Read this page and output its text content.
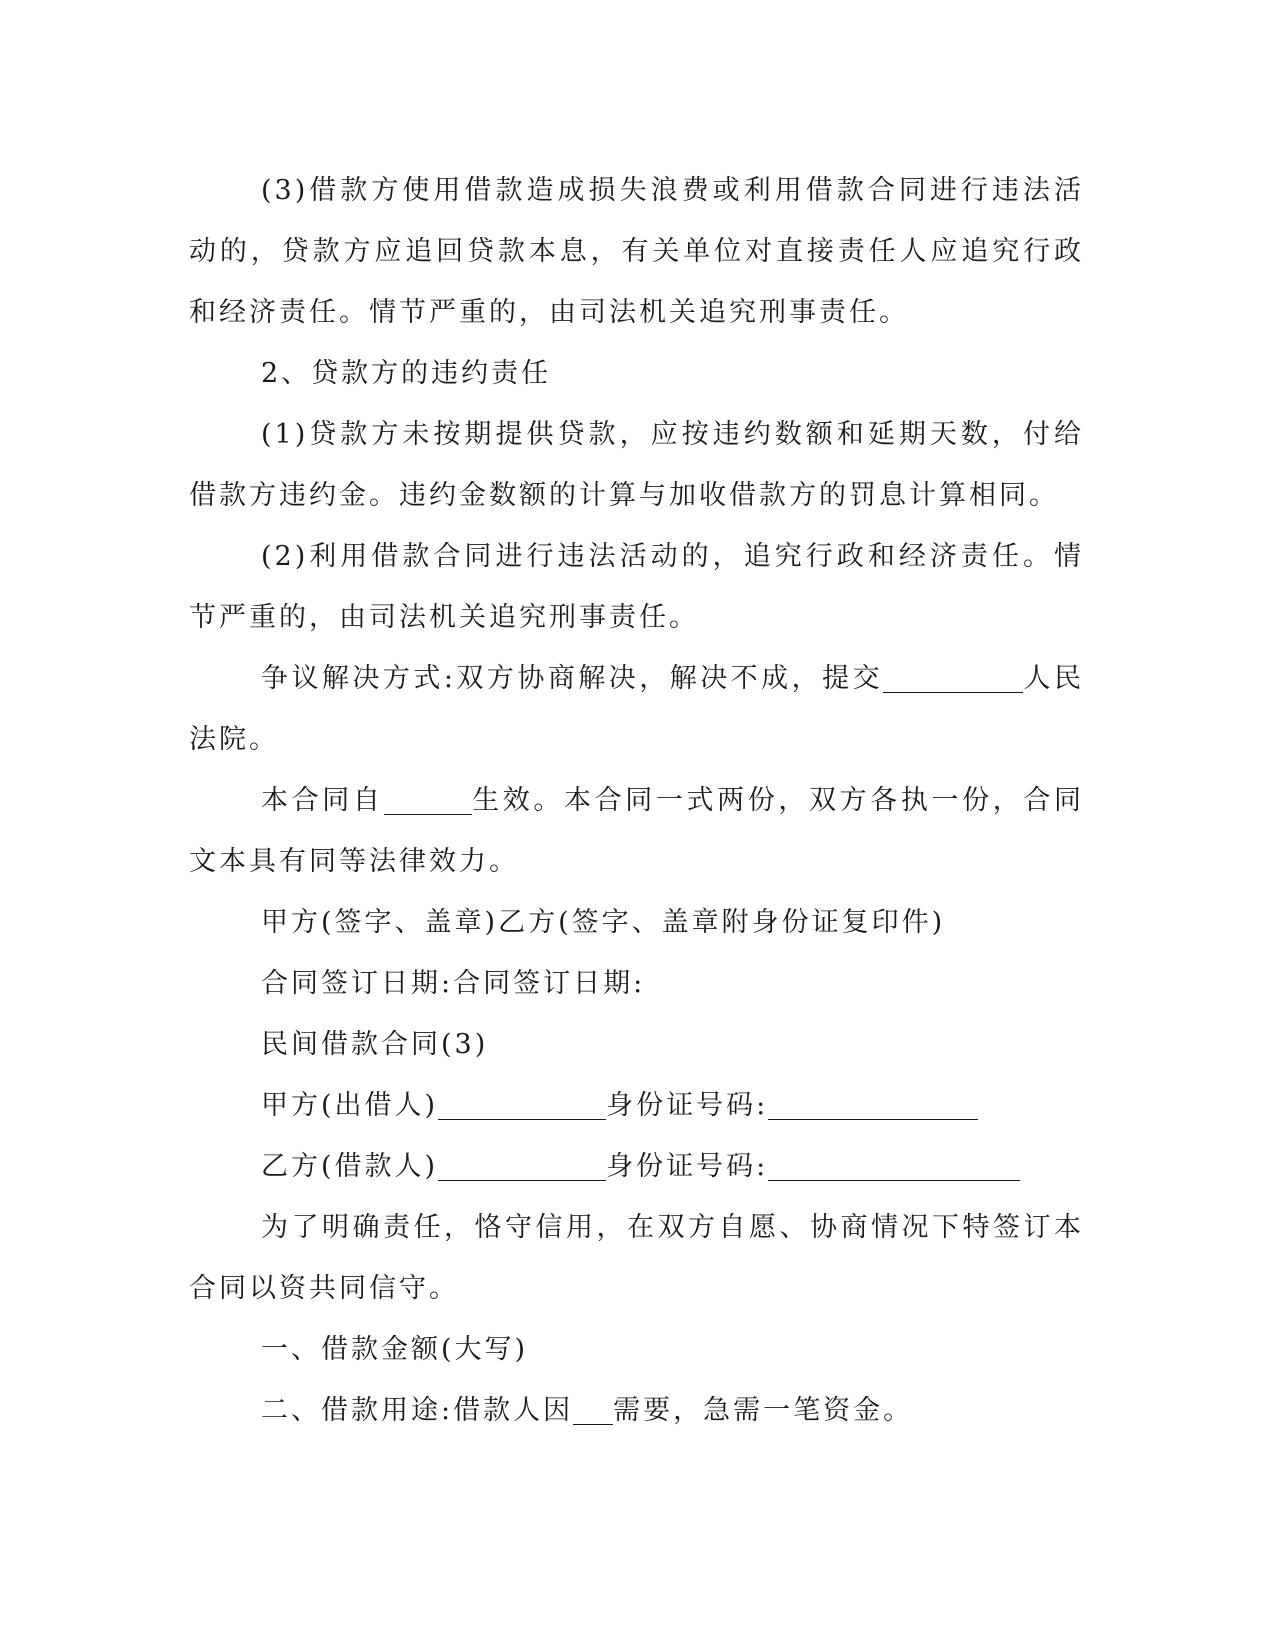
(3)借款方使用借款造成损失浪费或利用借款合同进行违法活动的，贷款方应追回贷款本息，有关单位对直接责任人应追究行政和经济责任。情节严重的，由司法机关追究刑事责任。

2、贷款方的违约责任

(1)贷款方未按期提供贷款，应按违约数额和延期天数，付给借款方违约金。违约金数额的计算与加收借款方的罚息计算相同。

(2)利用借款合同进行违法活动的，追究行政和经济责任。情节严重的，由司法机关追究刑事责任。

争议解决方式:双方协商解决，解决不成，提交	人民法院。

本合同自	生效。本合同一式两份，双方各执一份，合同文本具有同等法律效力。

甲方(签字、盖章)乙方(签字、盖章附身份证复印件)

合同签订日期:合同签订日期:

民间借款合同(3)

甲方(出借人)	身份证号码:

乙方(借款人)	身份证号码:

为了明确责任，恪守信用，在双方自愿、协商情况下特签订本合同以资共同信守。

一、借款金额(大写)

二、借款用途:借款人因 需要，急需一笔资金。
